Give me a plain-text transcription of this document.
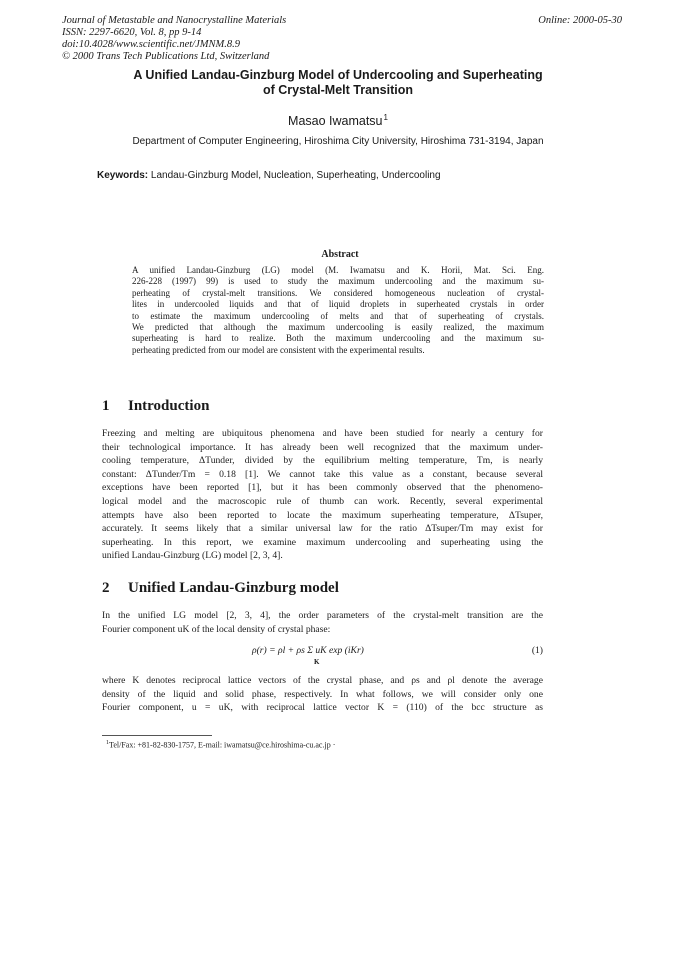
Journal of Metastable and Nanocrystalline Materials
ISSN: 2297-6620, Vol. 8, pp 9-14
doi:10.4028/www.scientific.net/JMNM.8.9
© 2000 Trans Tech Publications Ltd, Switzerland
Online: 2000-05-30
A Unified Landau-Ginzburg Model of Undercooling and Superheating
of Crystal-Melt Transition
Masao Iwamatsu$^1$
Department of Computer Engineering, Hiroshima City University, Hiroshima 731-3194, Japan
Keywords: Landau-Ginzburg Model, Nucleation, Superheating, Undercooling
Abstract
A unified Landau-Ginzburg (LG) model (M. Iwamatsu and K. Horii, Mat. Sci. Eng.
226-228 (1997) 99) is used to study the maximum undercooling and the maximum su-
perheating of crystal-melt transitions. We considered homogeneous nucleation of crystal-
lites in undercooled liquids and that of liquid droplets in superheated crystals in order
to estimate the maximum undercooling of melts and that of superheating of crystals.
We predicted that although the maximum undercooling is easily realized, the maximum
superheating is hard to realize. Both the maximum undercooling and the maximum su-
perheating predicted from our model are consistent with the experimental results.
1 Introduction
Freezing and melting are ubiquitous phenomena and have been studied for nearly a century for
their technological importance. It has already been well recognized that the maximum under-
cooling temperature, ΔTunder, divided by the equilibrium melting temperature, Tm, is nearly
constant: ΔTunder/Tm = 0.18 [1]. We cannot take this value as a constant, because several
exceptions have been reported [1], but it has been commonly observed that the phenomeno-
logical model and the macroscopic rule of thumb can work. Recently, several experimental
attempts have also been reported to locate the maximum superheating temperature, ΔTsuper,
accurately. It seems likely that a similar universal law for the ratio ΔTsuper/Tm may exist for
superheating. In this report, we examine maximum undercooling and superheating using the
unified Landau-Ginzburg (LG) model [2, 3, 4].
2 Unified Landau-Ginzburg model
In the unified LG model [2, 3, 4], the order parameters of the crystal-melt transition are the
Fourier component uK of the local density of crystal phase:
ρ(r) = ρl + ρs Σ uK exp (iKr)
K
(1)
where K denotes reciprocal lattice vectors of the crystal phase, and ρs and ρl denote the average
density of the liquid and solid phase, respectively. In what follows, we will consider only one
Fourier component, u = uK, with reciprocal lattice vector K = (110) of the bcc structure as
$^1$Tel/Fax: +81-82-830-1757, E-mail: iwamatsu@ce.hiroshima-cu.ac.jp ·
